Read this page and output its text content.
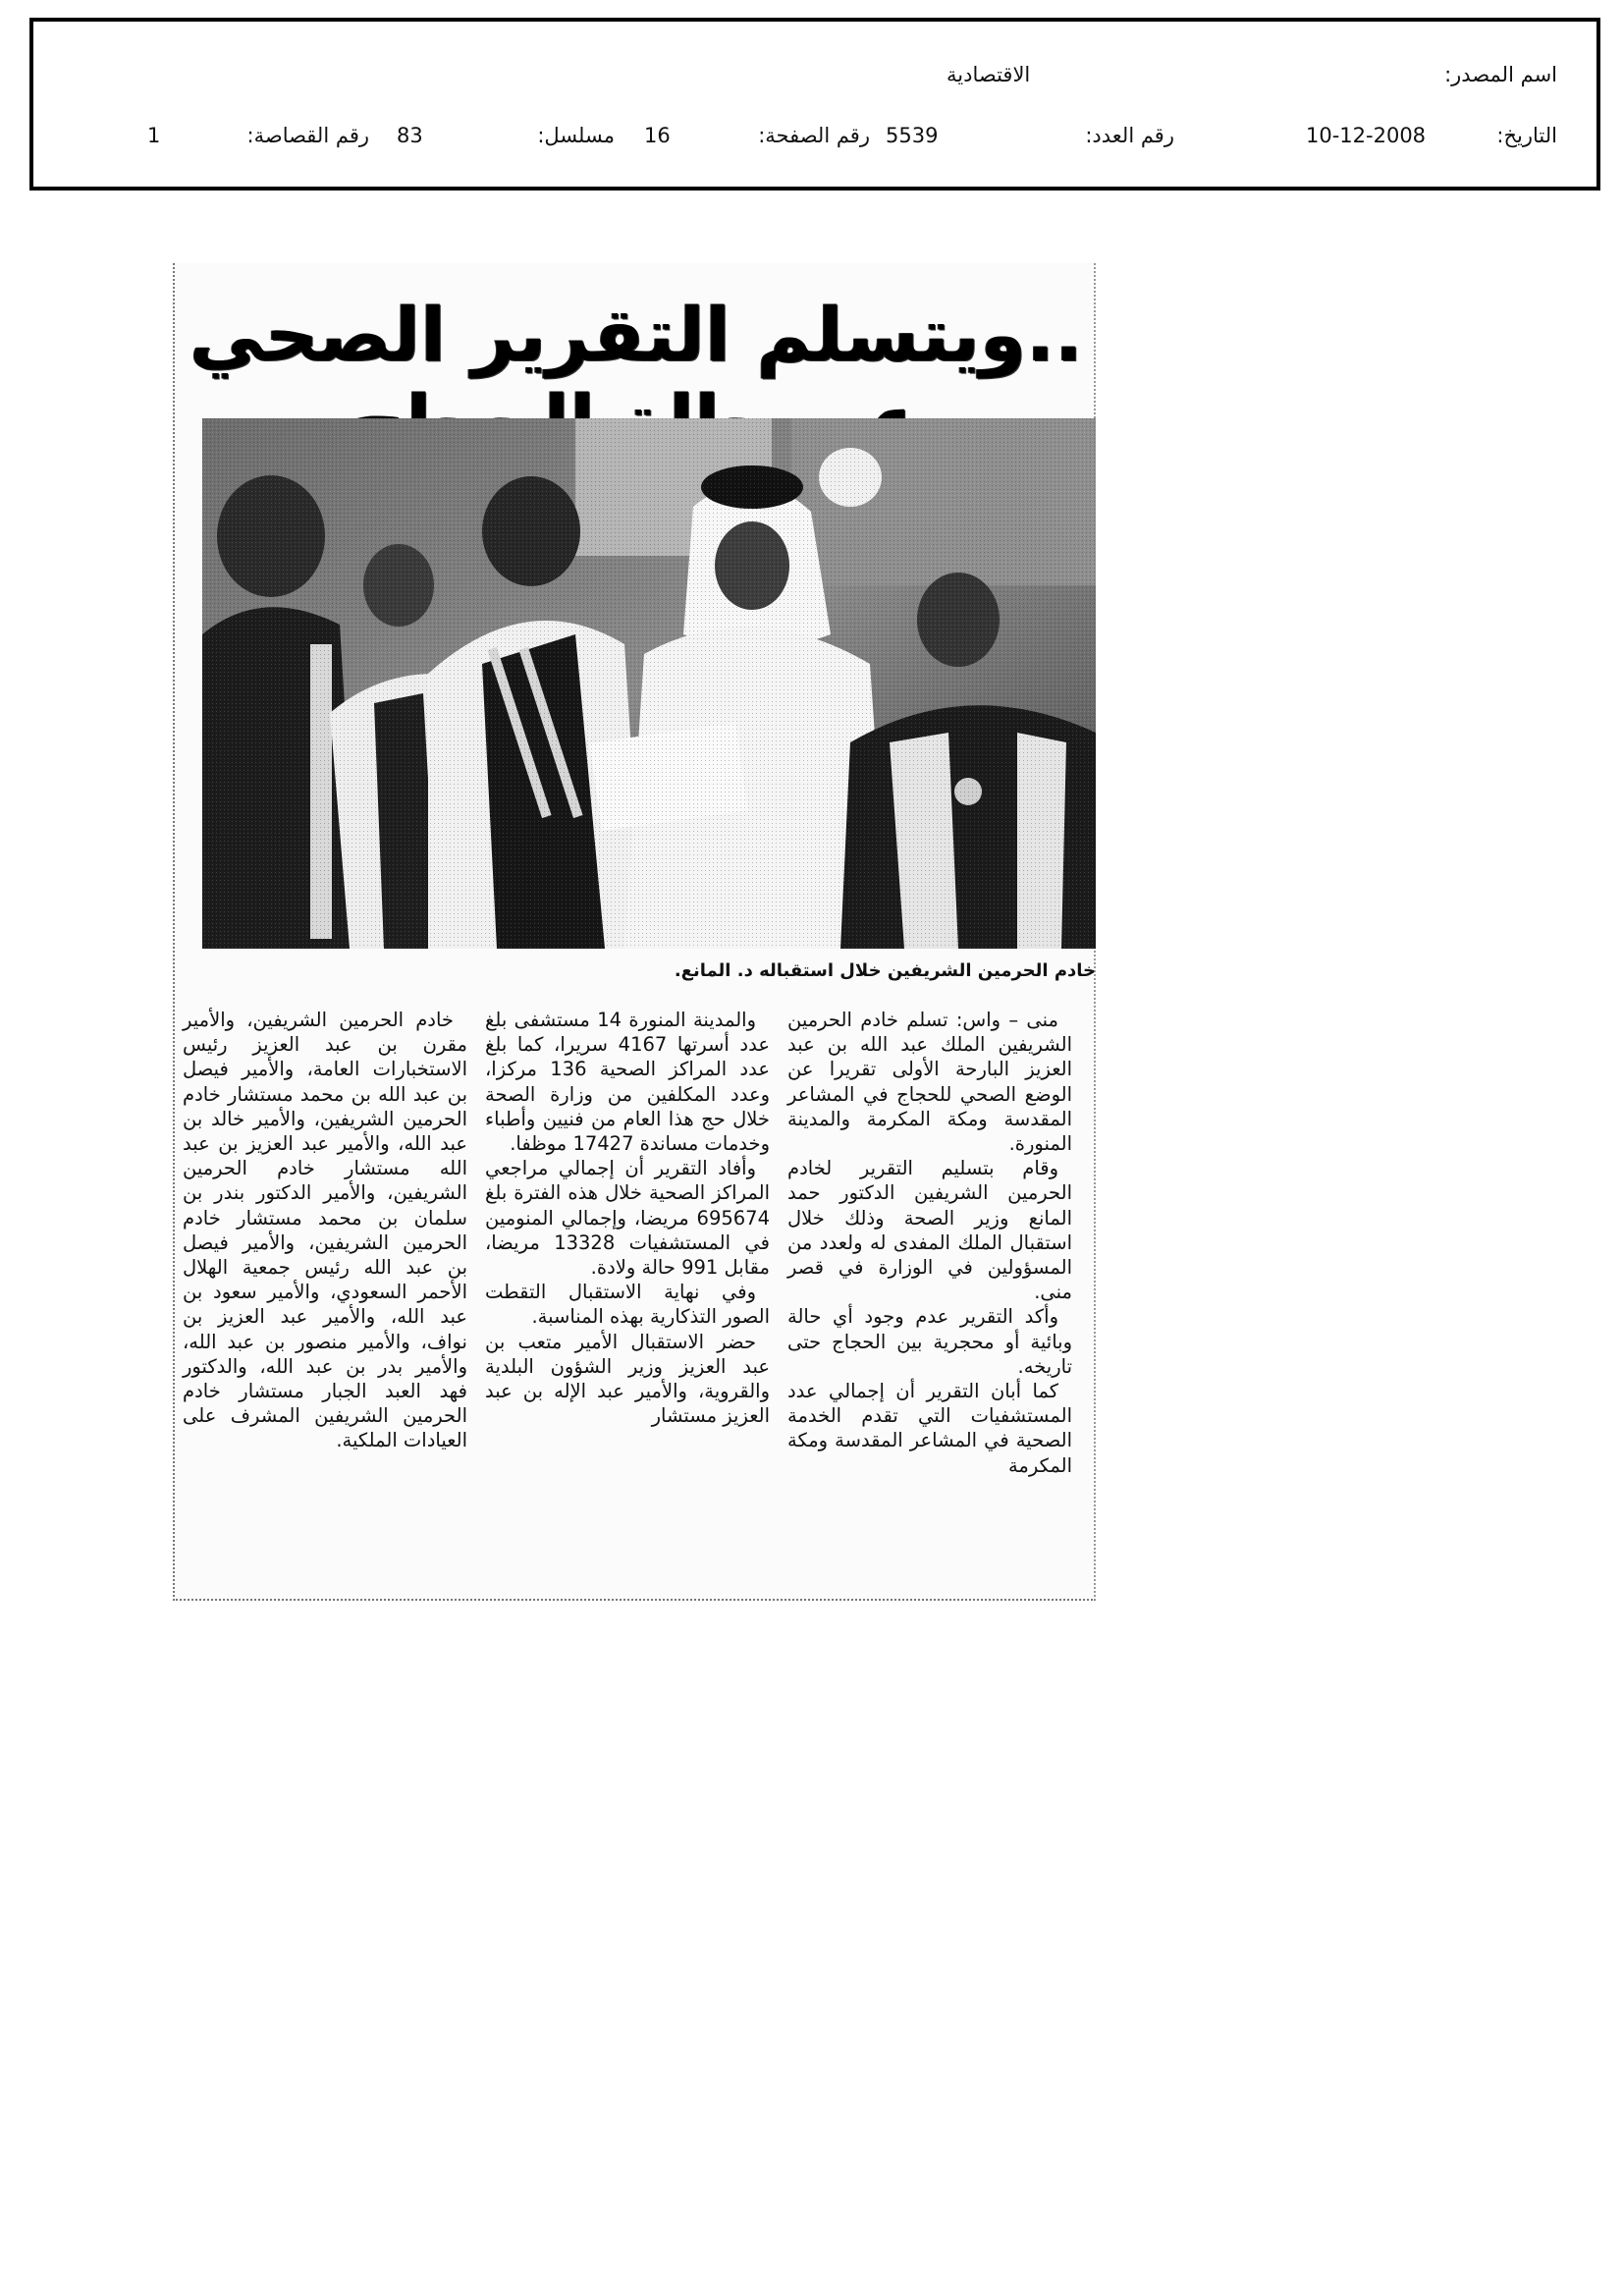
اسم المصدر:
الاقتصادية
التاريخ:
10-12-2008
رقم العدد:
5539
رقم الصفحة:
16
مسلسل:
83
رقم القصاصة:
1
..ويتسلم التقرير الصحي
خادم الحرمين الشريفين خلال استقباله د. المانع.

منى – واس: تسلم خادم الحرمين الشريفين الملك عبد الله بن عبد العزيز البارحة الأولى تقريرا عن الوضع الصحي للحجاج في المشاعر المقدسة ومكة المكرمة والمدينة المنورة.

وقام بتسليم التقرير لخادم الحرمين الشريفين الدكتور حمد المانع وزير الصحة وذلك خلال استقبال الملك المفدى له ولعدد من المسؤولين في الوزارة في قصر منى.

وأكد التقرير عدم وجود أي حالة وبائية أو محجرية بين الحجاج حتى تاريخه.

كما أبان التقرير أن إجمالي عدد المستشفيات التي تقدم الخدمة الصحية في المشاعر المقدسة ومكة المكرمة

والمدينة المنورة 14 مستشفى بلغ عدد أسرتها 4167 سريرا، كما بلغ عدد المراكز الصحية 136 مركزا، وعدد المكلفين من وزارة الصحة خلال حج هذا العام من فنيين وأطباء وخدمات مساندة 17427 موظفا.

وأفاد التقرير أن إجمالي مراجعي المراكز الصحية خلال هذه الفترة بلغ 695674 مريضا، وإجمالي المنومين في المستشفيات 13328 مريضا، مقابل 991 حالة ولادة.

وفي نهاية الاستقبال التقطت الصور التذكارية بهذه المناسبة.

حضر الاستقبال الأمير متعب بن عبد العزيز وزير الشؤون البلدية والقروية، والأمير عبد الإله بن عبد العزيز مستشار

خادم الحرمين الشريفين، والأمير مقرن بن عبد العزيز رئيس الاستخبارات العامة، والأمير فيصل بن عبد الله بن محمد مستشار خادم الحرمين الشريفين، والأمير خالد بن عبد الله، والأمير عبد العزيز بن عبد الله مستشار خادم الحرمين الشريفين، والأمير الدكتور بندر بن سلمان بن محمد مستشار خادم الحرمين الشريفين، والأمير فيصل بن عبد الله رئيس جمعية الهلال الأحمر السعودي، والأمير سعود بن عبد الله، والأمير عبد العزيز بن نواف، والأمير منصور بن عبد الله، والأمير بدر بن عبد الله، والدكتور فهد العبد الجبار مستشار خادم الحرمين الشريفين المشرف على العيادات الملكية.
